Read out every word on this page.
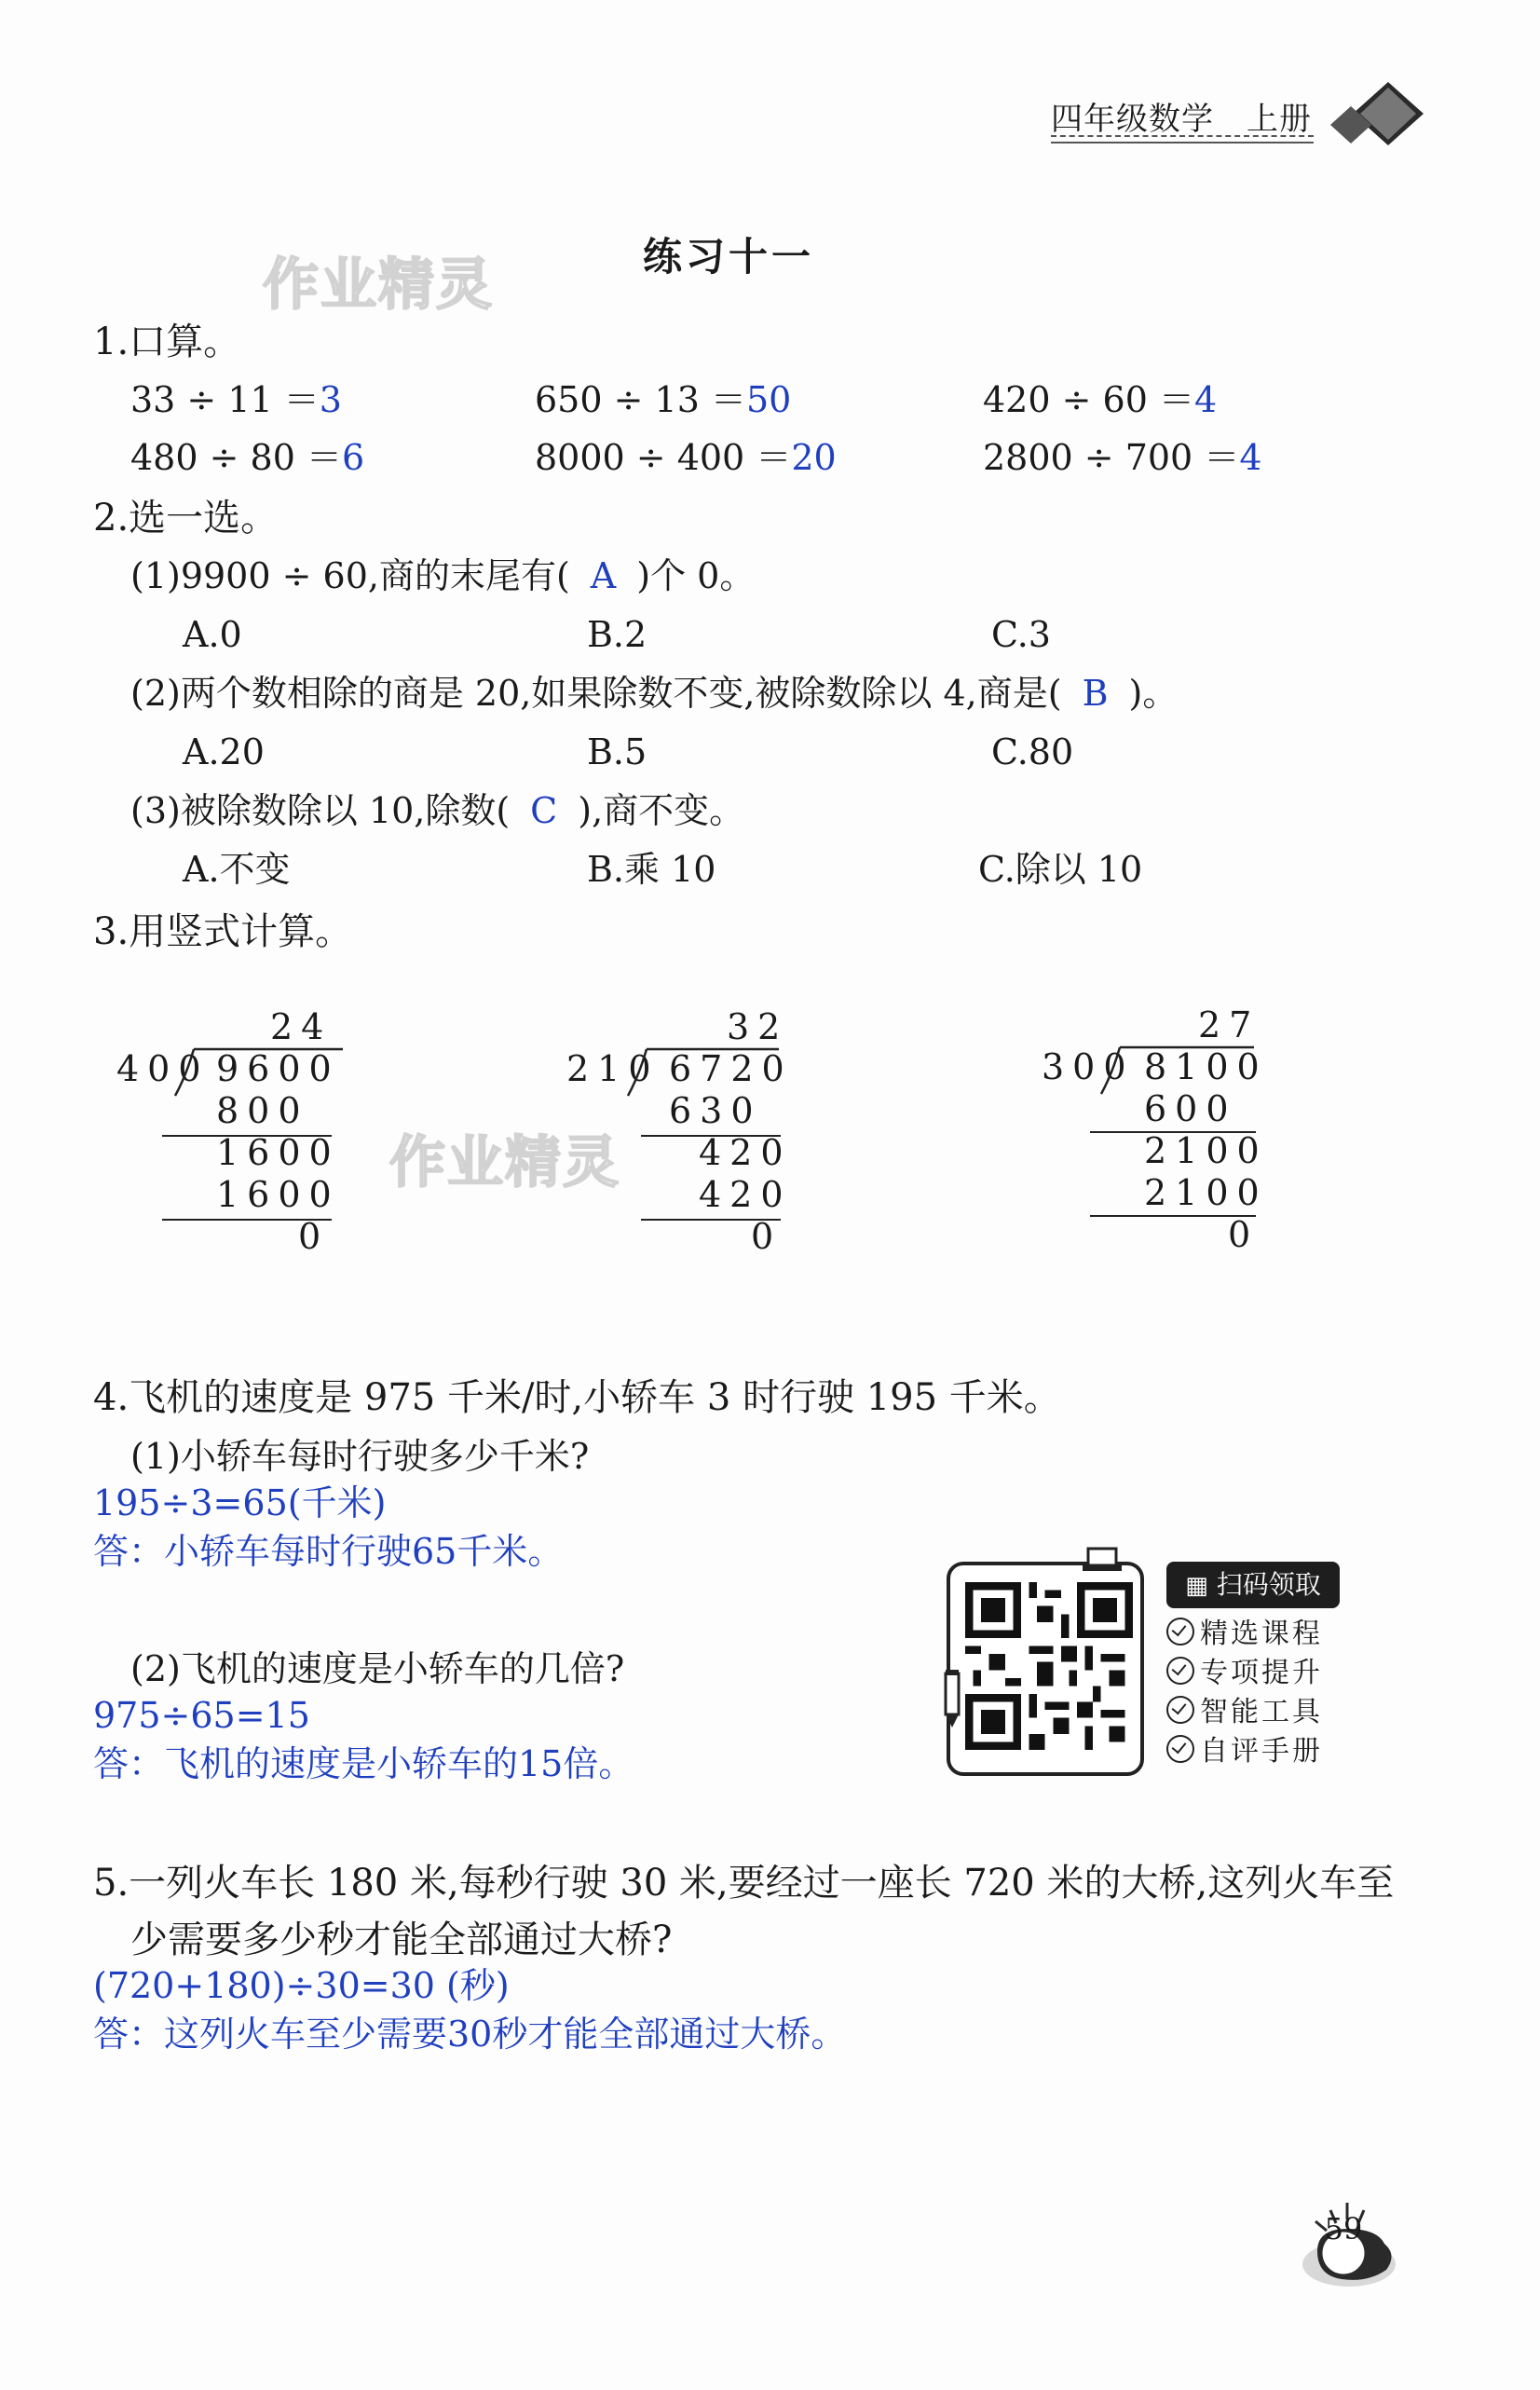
四年级数学　上册
练习十一
作业精灵
1.口算。
33 ÷ 11 ＝3	650 ÷ 13 ＝50	420 ÷ 60 ＝4
480 ÷ 80 ＝6	8000 ÷ 400 ＝20	2800 ÷ 700 ＝4
2.选一选。
(1)9900 ÷ 60,商的末尾有( A )个 0。
A.0	B.2	C.3
(2)两个数相除的商是 20,如果除数不变,被除数除以 4,商是( B )。
A.20	B.5	C.80
(3)被除数除以 10,除数( C ),商不变。
A.不变	B.乘 10	C.除以 10
3.用竖式计算。
24
400 9600
800
1600
1600
0
32
210 6720
630
420
420
0
作业精灵
27
300 8100
600
2100
2100
0
4.飞机的速度是 975 千米/时,小轿车 3 时行驶 195 千米。
(1)小轿车每时行驶多少千米?
195÷3=65(千米)
答：小轿车每时行驶65千米。
(2)飞机的速度是小轿车的几倍?
975÷65=15
答：飞机的速度是小轿车的15倍。
▦ 扫码领取
精选课程
专项提升
智能工具
自评手册
5.一列火车长 180 米,每秒行驶 30 米,要经过一座长 720 米的大桥,这列火车至
少需要多少秒才能全部通过大桥?
(720+180)÷30=30 (秒)
答：这列火车至少需要30秒才能全部通过大桥。
59
